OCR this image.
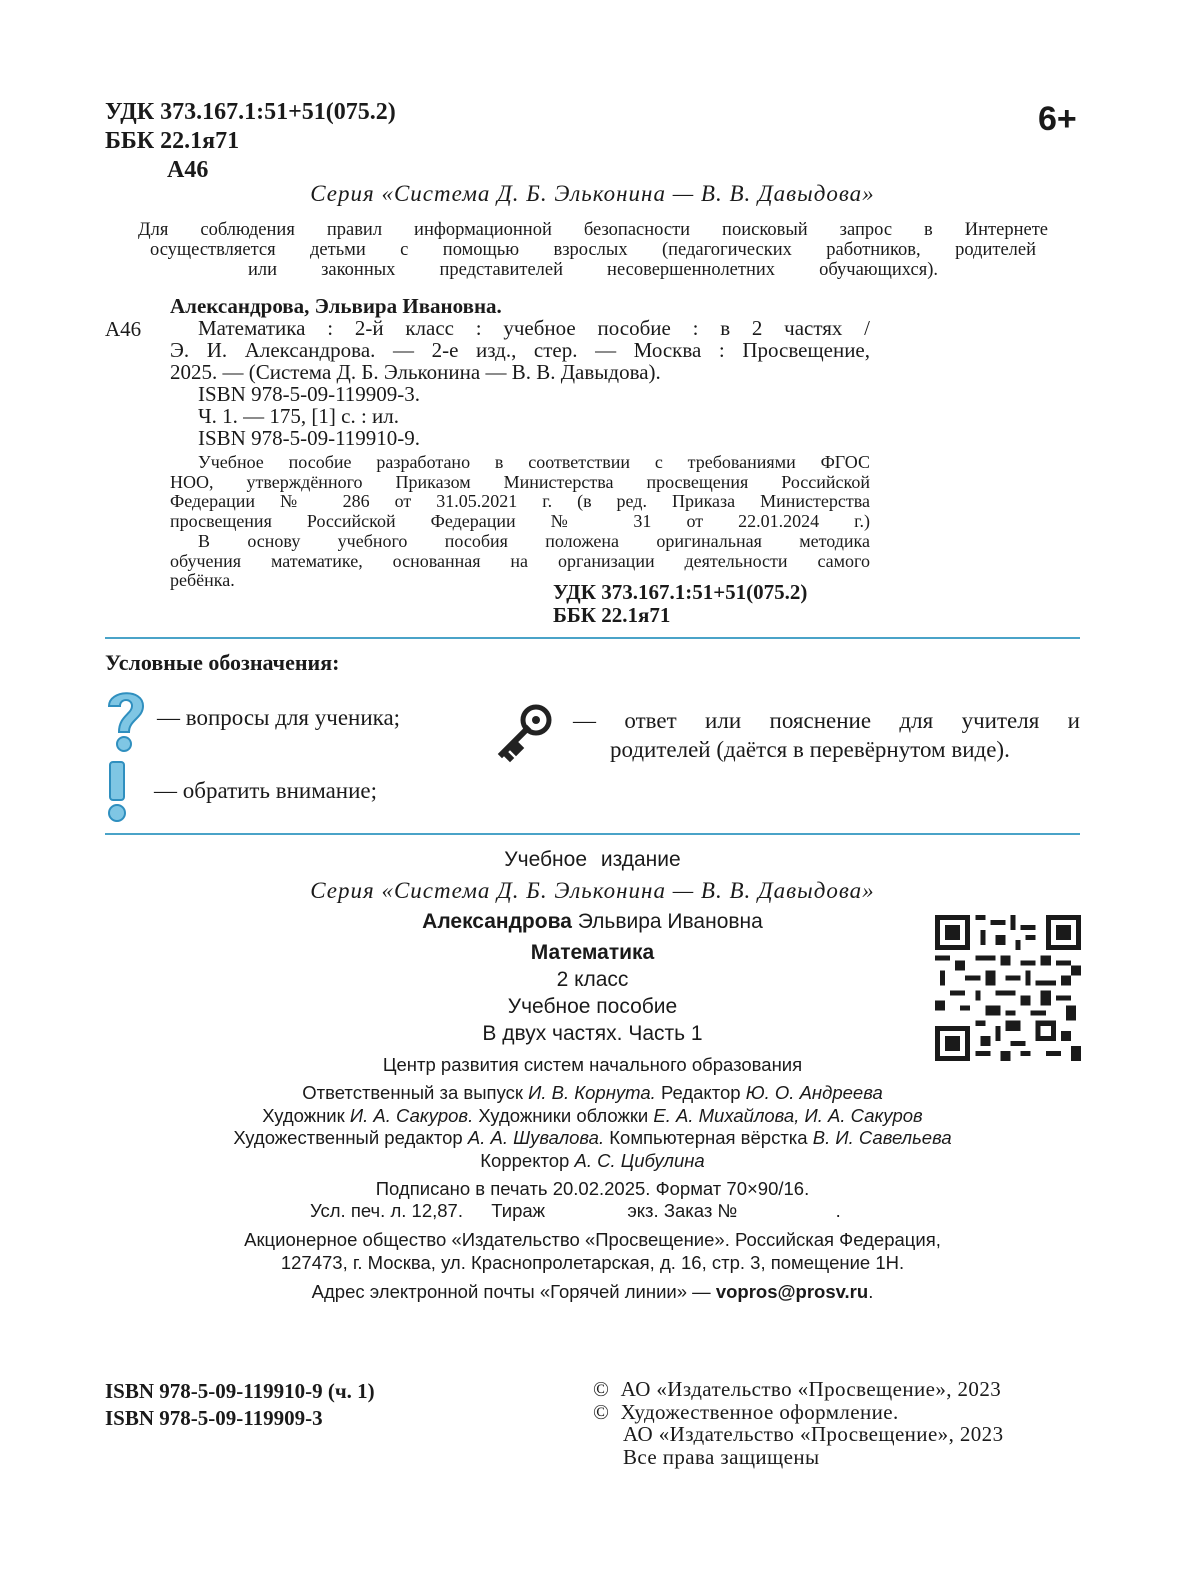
УДК 373.167.1:51+51(075.2)
ББК 22.1я71
А46
6+
Серия «Система Д. Б. Эльконина — В. В. Давыдова»
Для соблюдения правил информационной безопасности поисковый запрос в Интернете
осуществляется детьми с помощью взрослых (педагогических работников, родителей
или законных представителей несовершеннолетних обучающихся).
Александрова, Эльвира Ивановна.
А46	Математика : 2-й класс : учебное пособие : в 2 частях /
Э. И. Александрова. — 2-е изд., стер. — Москва : Просвещение,
2025. — (Система Д. Б. Эльконина — В. В. Давыдова).
ISBN 978-5-09-119909-3.
Ч. 1. — 175, [1] с. : ил.
ISBN 978-5-09-119910-9.
Учебное пособие разработано в соответствии с требованиями ФГОС
НОО, утверждённого Приказом Министерства просвещения Российской
Федерации № 286 от 31.05.2021 г. (в ред. Приказа Министерства
просвещения Российской Федерации № 31 от 22.01.2024 г.)
В основу учебного пособия положена оригинальная методика
обучения математике, основанная на организации деятельности самого
ребёнка.	УДК 373.167.1:51+51(075.2)
ББК 22.1я71
Условные обозначения:
— вопросы для ученика;
— обратить внимание;
— ответ или пояснение для учителя и
родителей (даётся в перевёрнутом виде).
Учебное издание
Серия «Система Д. Б. Эльконина — В. В. Давыдова»
Александрова Эльвира Ивановна
Математика
2 класс
Учебное пособие
В двух частях. Часть 1
Центр развития систем начального образования
Ответственный за выпуск И. В. Корнута. Редактор Ю. О. Андреева
Художник И. А. Сакуров. Художники обложки Е. А. Михайлова, И. А. Сакуров
Художественный редактор А. А. Шувалова. Компьютерная вёрстка В. И. Савельева
Корректор А. С. Цибулина
Подписано в печать 20.02.2025. Формат 70×90/16.
Усл. печ. л. 12,87. Тираж	экз. Заказ №	.
Акционерное общество «Издательство «Просвещение». Российская Федерация,
127473, г. Москва, ул. Краснопролетарская, д. 16, стр. 3, помещение 1Н.
Адрес электронной почты «Горячей линии» — vopros@prosv.ru.
ISBN 978-5-09-119910-9 (ч. 1)
ISBN 978-5-09-119909-3
© АО «Издательство «Просвещение», 2023
© Художественное оформление.
АО «Издательство «Просвещение», 2023
Все права защищены
